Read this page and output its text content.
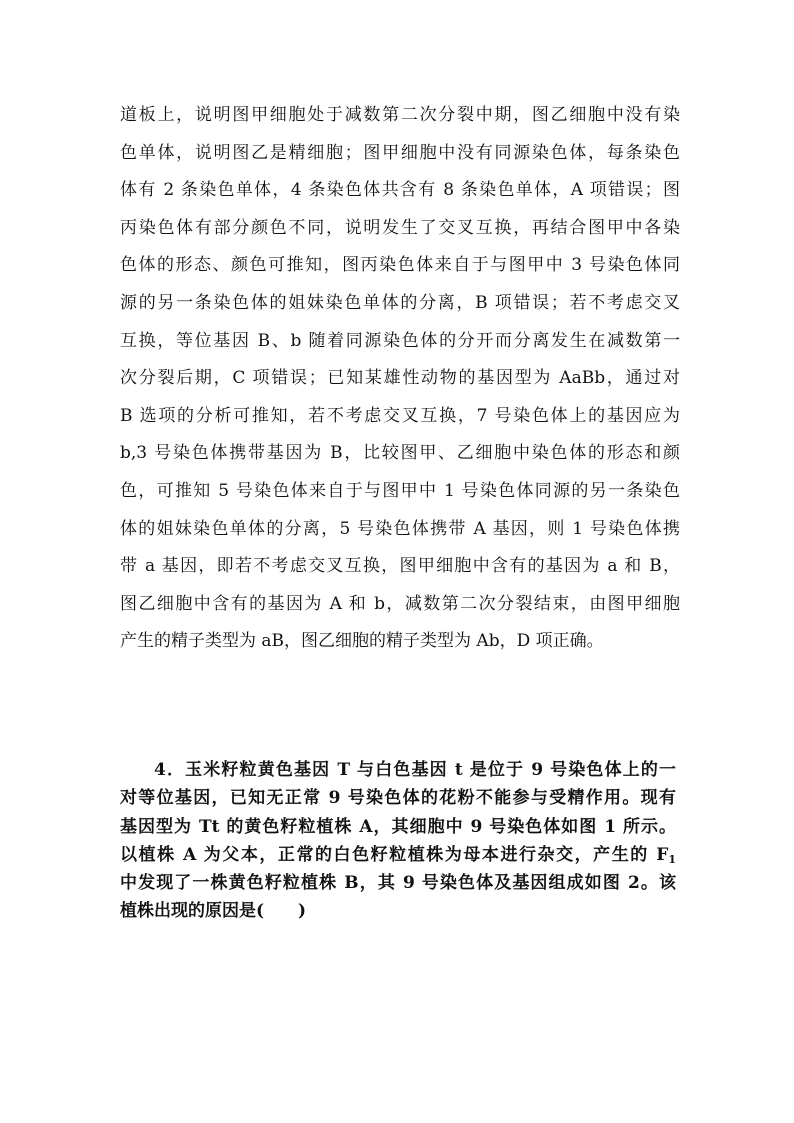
道板上，说明图甲细胞处于减数第二次分裂中期，图乙细胞中没有染
色单体，说明图乙是精细胞；图甲细胞中没有同源染色体，每条染色
体有 2 条染色单体，4 条染色体共含有 8 条染色单体，A 项错误；图
丙染色体有部分颜色不同，说明发生了交叉互换，再结合图甲中各染
色体的形态、颜色可推知，图丙染色体来自于与图甲中 3 号染色体同
源的另一条染色体的姐妹染色单体的分离，B 项错误；若不考虑交叉
互换，等位基因 B、b 随着同源染色体的分开而分离发生在减数第一
次分裂后期，C 项错误；已知某雄性动物的基因型为 AaBb，通过对
B 选项的分析可推知，若不考虑交叉互换，7 号染色体上的基因应为
b,3 号染色体携带基因为 B，比较图甲、乙细胞中染色体的形态和颜
色，可推知 5 号染色体来自于与图甲中 1 号染色体同源的另一条染色
体的姐妹染色单体的分离，5 号染色体携带 A 基因，则 1 号染色体携
带 a 基因，即若不考虑交叉互换，图甲细胞中含有的基因为 a 和 B，
图乙细胞中含有的基因为 A 和 b，减数第二次分裂结束，由图甲细胞
产生的精子类型为 aB，图乙细胞的精子类型为 Ab，D 项正确。
4．玉米籽粒黄色基因 T 与白色基因 t 是位于 9 号染色体上的一
对等位基因，已知无正常 9 号染色体的花粉不能参与受精作用。现有
基因型为 Tt 的黄色籽粒植株 A，其细胞中 9 号染色体如图 1 所示。
以植株 A 为父本，正常的白色籽粒植株为母本进行杂交，产生的 $F_1$
中发现了一株黄色籽粒植株 B，其 9 号染色体及基因组成如图 2。该
植株出现的原因是(　　)
